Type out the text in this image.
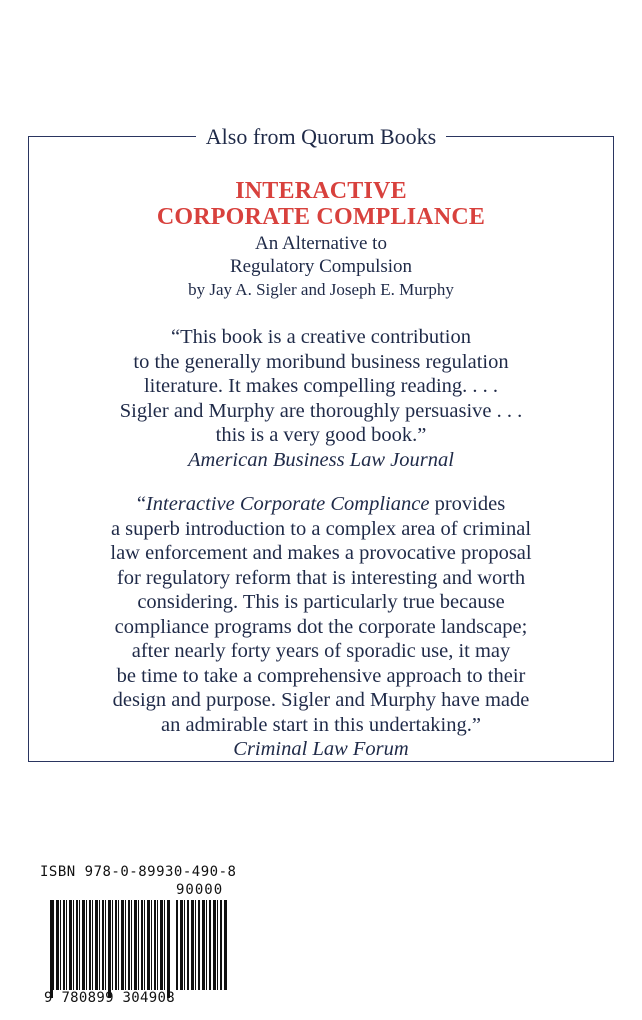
Also from Quorum Books
INTERACTIVE
CORPORATE COMPLIANCE
An Alternative to
Regulatory Compulsion
by Jay A. Sigler and Joseph E. Murphy
“This book is a creative contribution
to the generally moribund business regulation
literature. It makes compelling reading. . . .
Sigler and Murphy are thoroughly persuasive . . .
this is a very good book.”
American Business Law Journal
“Interactive Corporate Compliance provides
a superb introduction to a complex area of criminal
law enforcement and makes a provocative proposal
for regulatory reform that is interesting and worth
considering. This is particularly true because
compliance programs dot the corporate landscape;
after nearly forty years of sporadic use, it may
be time to take a comprehensive approach to their
design and purpose. Sigler and Murphy have made
an admirable start in this undertaking.”
Criminal Law Forum
ISBN 978-0-89930-490-8
90000
9 780899 304908
